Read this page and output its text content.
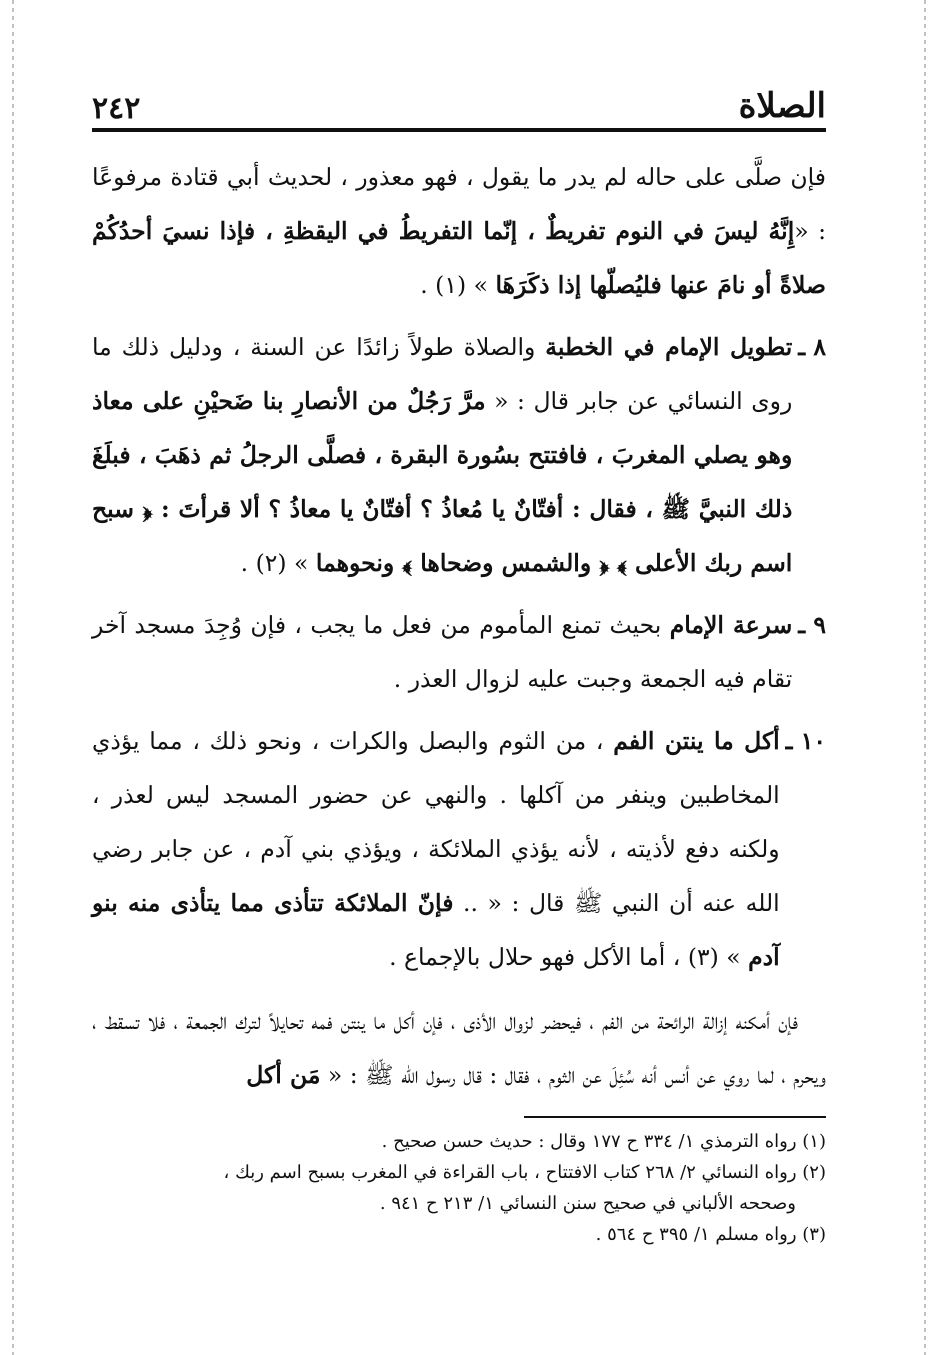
الصلاة
٢٤٢

فإن صلَّى على حاله لم يدر ما يقول ، فهو معذور ، لحديث أبي قتادة مرفوعًا : «إِنَّهُ ليسَ في النوم تفريطٌ ، إنّما التفريطُ في اليقظةِ ، فإذا نسيَ أحدُكُمْ صلاةً أو نامَ عنها فليُصلّها إذا ذكَرَهَا » (١) .

٨ ـ
تطويل الإمام في الخطبة والصلاة طولاً زائدًا عن السنة ، ودليل ذلك ما روى النسائي عن جابر قال : « مرَّ رَجُلٌ من الأنصارِ بنا ضَحيْنِ على معاذ وهو يصلي المغربَ ، فافتتح بسُورة البقرة ، فصلَّى الرجلُ ثم ذهَبَ ، فبلَغَ ذلك النبيَّ ﷺ ، فقال : أفتّانٌ يا مُعاذُ ؟ أفتّانٌ يا معاذُ ؟ ألا قرأتَ : ﴿ سبح اسم ربك الأعلى ﴾ ﴿ والشمس وضحاها ﴾ ونحوهما » (٢) .
٩ ـ
سرعة الإمام بحيث تمنع المأموم من فعل ما يجب ، فإن وُجِدَ مسجد آخر تقام فيه الجمعة وجبت عليه لزوال العذر .
١٠ ـ
أكل ما ينتن الفم ، من الثوم والبصل والكرات ، ونحو ذلك ، مما يؤذي المخاطبين وينفر من آكلها . والنهي عن حضور المسجد ليس لعذر ، ولكنه دفع لأذيته ، لأنه يؤذي الملائكة ، ويؤذي بني آدم ، عن جابر رضي الله عنه أن النبي ﷺ قال : « .. فإنّ الملائكة تتأذى مما يتأذى منه بنو آدم » (٣) ، أما الأكل فهو حلال بالإجماع .

فإن أمكنه إزالة الرائحة من الفم ، فيحضر لزوال الأذى ، فإن أكل ما ينتن فمه تحايلاً لترك الجمعة ، فلا تسقط ، ويحرم ، لما روي عن أنس أنه سُئِلَ عن الثوم ، فقال : قال رسول الله ﷺ : « مَن أكل

(١) رواه الترمذي ١/ ٣٣٤ ح ١٧٧ وقال : حديث حسن صحيح .

(٢) رواه النسائي ٢/ ٢٦٨ كتاب الافتتاح ، باب القراءة في المغرب بسبح اسم ربك ،

وصححه الألباني في صحيح سنن النسائي ١/ ٢١٣ ح ٩٤١ .

(٣) رواه مسلم ١/ ٣٩٥ ح ٥٦٤ .
